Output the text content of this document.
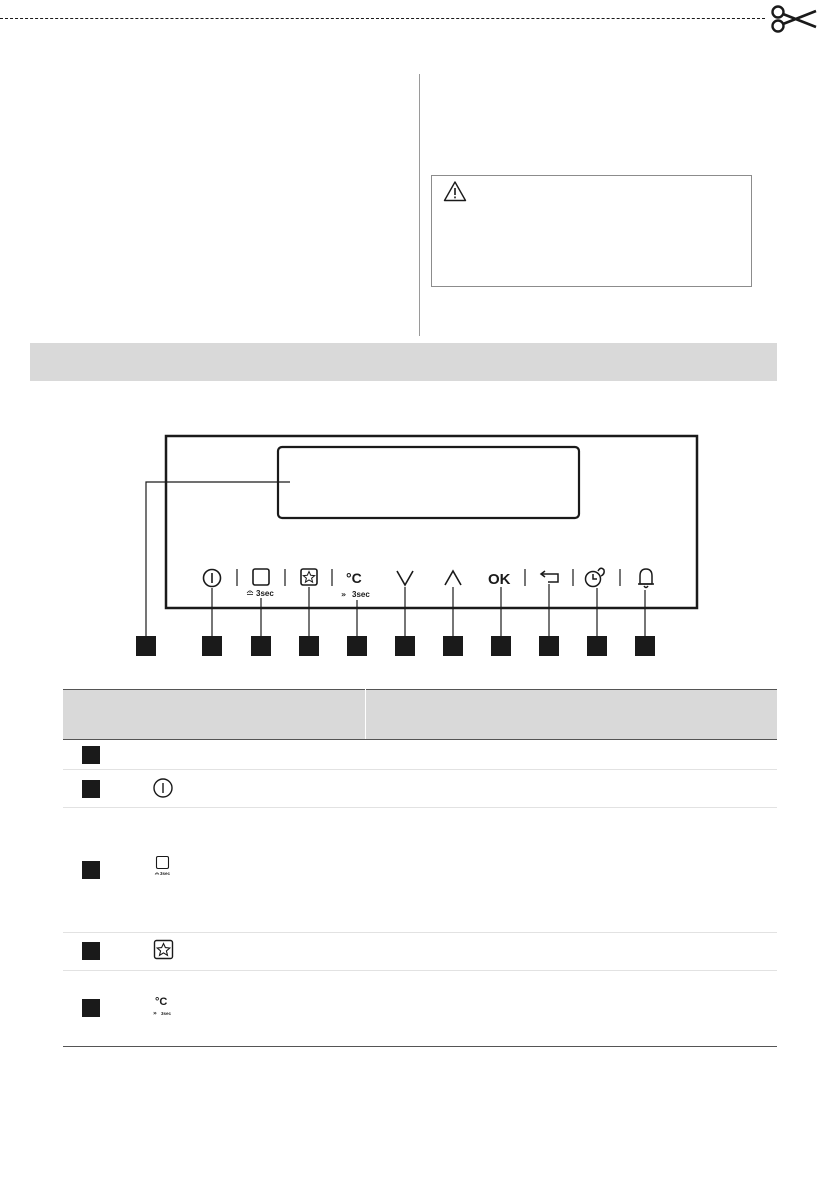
3sec
°C
» 3sec
OK
3sec
°C
» 3sec
